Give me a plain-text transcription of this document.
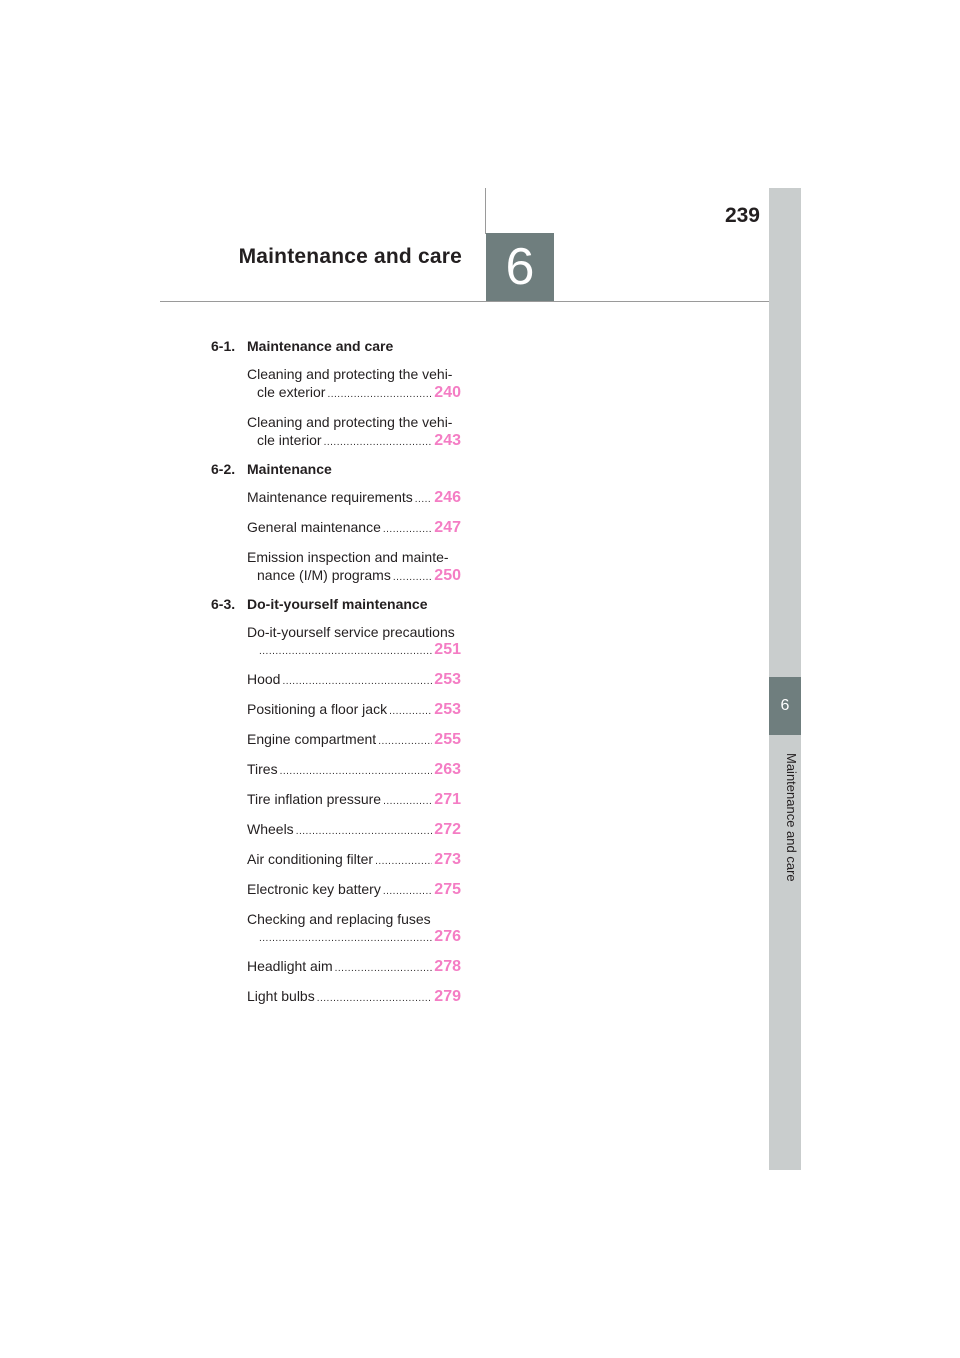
239
Maintenance and care 6
6
Maintenance and care
6-1. Maintenance and care
Cleaning and protecting the vehi-
cle exterior .....	240
Cleaning and protecting the vehi-
cle interior .....	243
6-2. Maintenance
Maintenance requirements ..... 246
General maintenance .....	247
Emission inspection and mainte-
nance (I/M) programs .....	250
6-3. Do-it-yourself maintenance
Do-it-yourself service precautions
.....
251
Hood .....	253
Positioning a floor jack .....	253
Engine compartment .....	255
Tires .....	263
Tire inflation pressure .....	271
Wheels .....	272
Air conditioning filter .....	273
Electronic key battery .....	275
Checking and replacing fuses
.....
276
Headlight aim .....	278
Light bulbs .....	279
